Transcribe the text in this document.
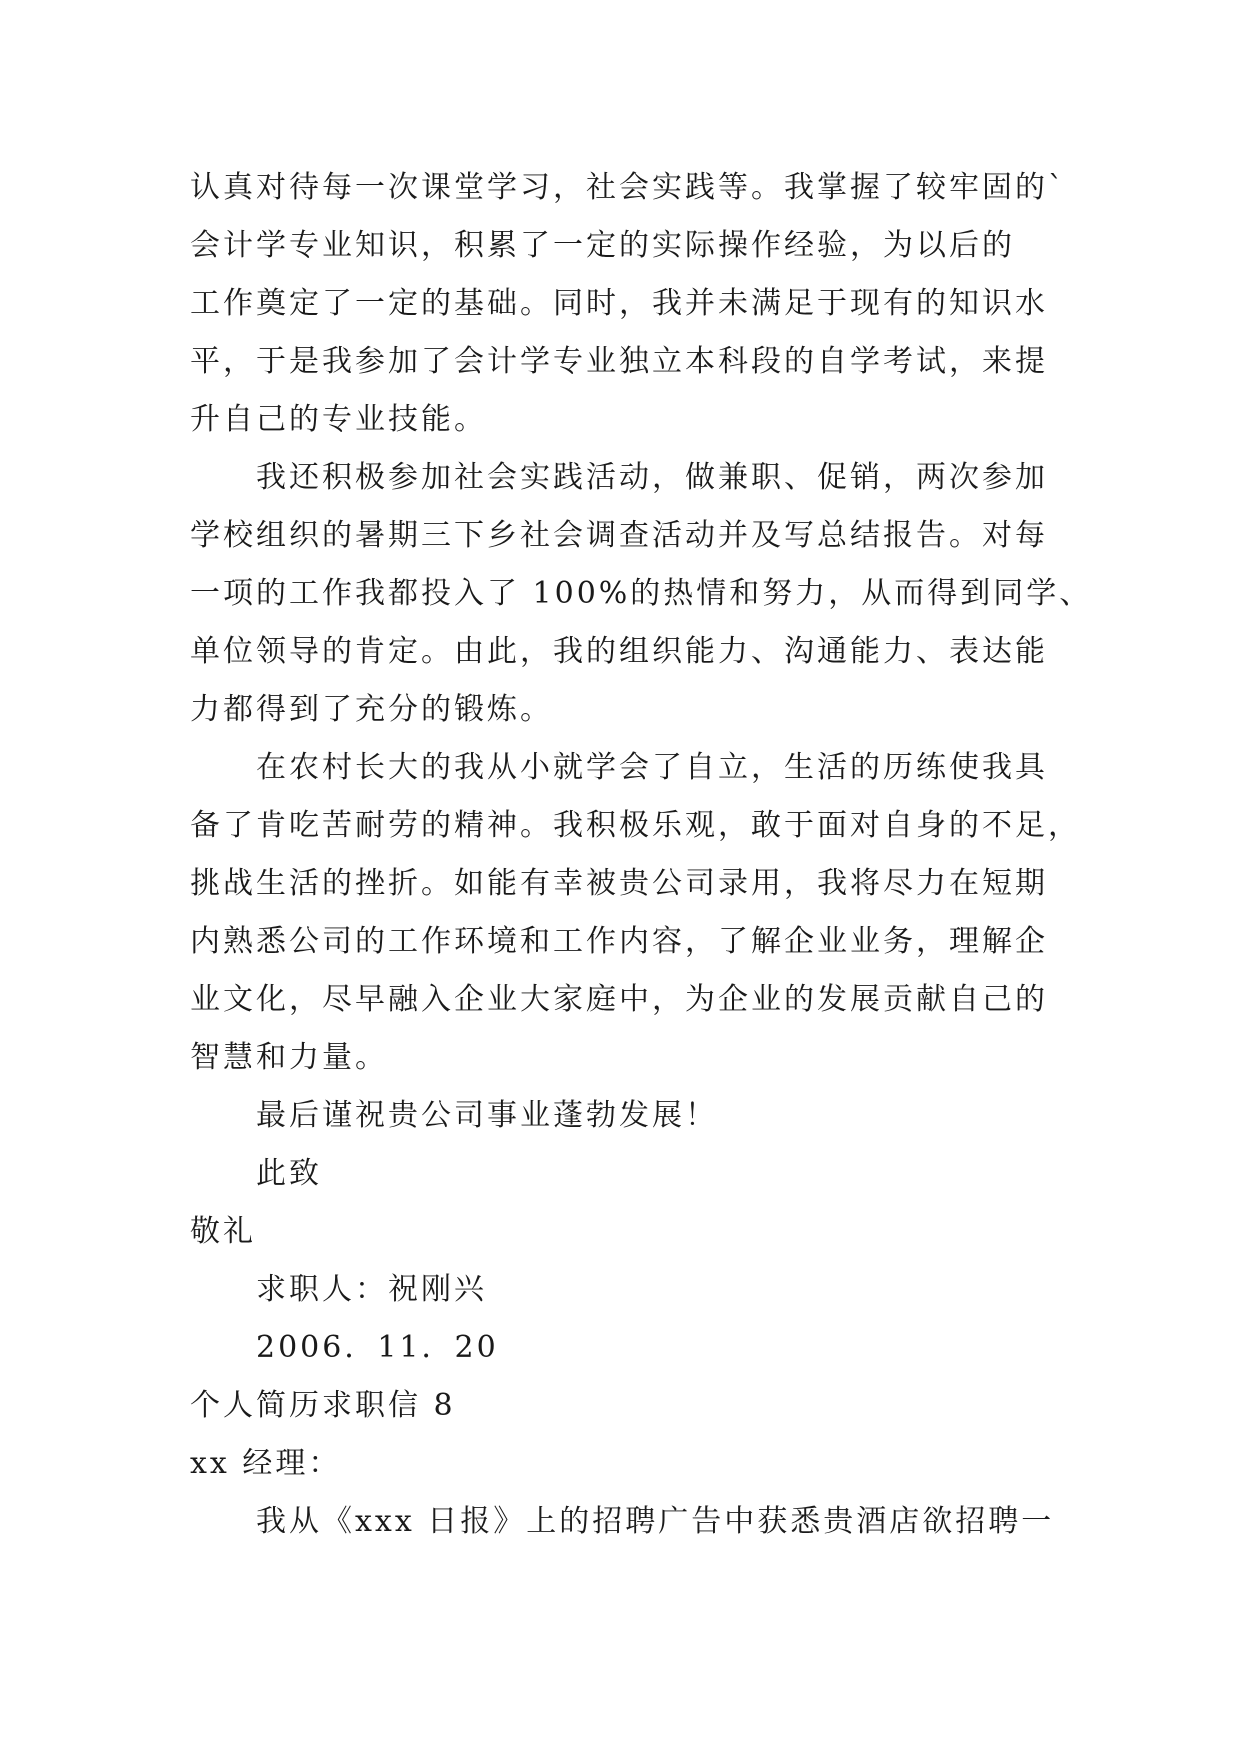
认真对待每一次课堂学习，社会实践等。我掌握了较牢固的`
会计学专业知识，积累了一定的实际操作经验，为以后的
工作奠定了一定的基础。同时，我并未满足于现有的知识水
平，于是我参加了会计学专业独立本科段的自学考试，来提
升自己的专业技能。
我还积极参加社会实践活动，做兼职、促销，两次参加
学校组织的暑期三下乡社会调查活动并及写总结报告。对每
一项的工作我都投入了 100%的热情和努力，从而得到同学、
单位领导的肯定。由此，我的组织能力、沟通能力、表达能
力都得到了充分的锻炼。
在农村长大的我从小就学会了自立，生活的历练使我具
备了肯吃苦耐劳的精神。我积极乐观，敢于面对自身的不足，
挑战生活的挫折。如能有幸被贵公司录用，我将尽力在短期
内熟悉公司的工作环境和工作内容，了解企业业务，理解企
业文化，尽早融入企业大家庭中，为企业的发展贡献自己的
智慧和力量。
最后谨祝贵公司事业蓬勃发展！
此致
敬礼
求职人：祝刚兴
2006．11．20
个人简历求职信 8
xx 经理：
我从《xxx 日报》上的招聘广告中获悉贵酒店欲招聘一
